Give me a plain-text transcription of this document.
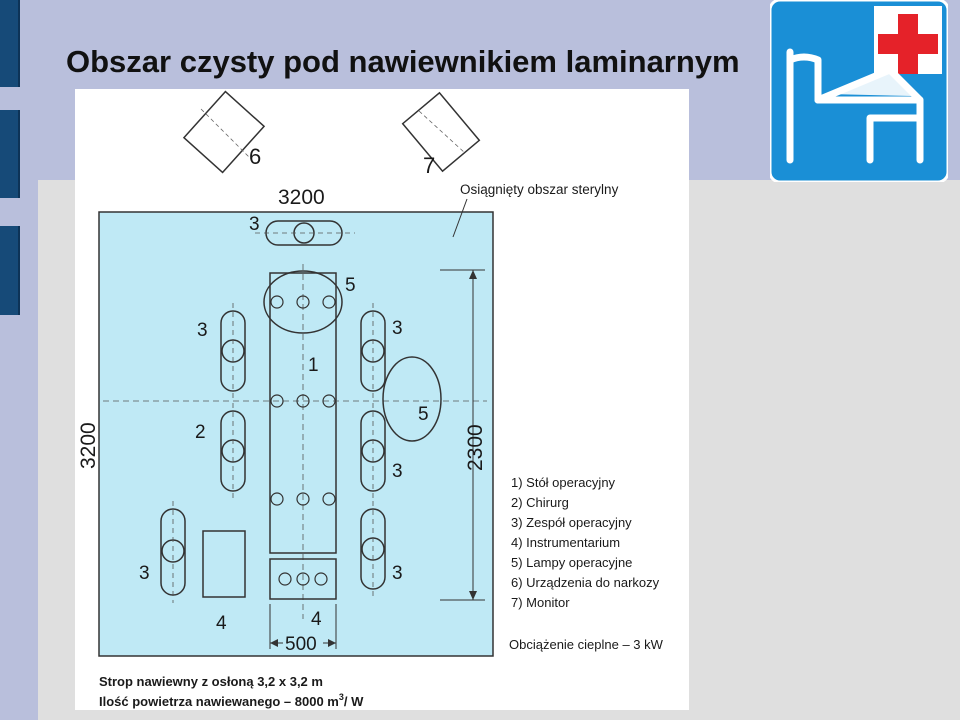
Obszar czysty pod nawiewnikiem laminarnym
Osiągnięty obszar sterylny
6	7
3200
3
1
5
5
3
2
3
3
3
3
4	4
500
2300
3200
1) Stół operacyjny
2) Chirurg
3) Zespół operacyjny
4) Instrumentarium
5) Lampy operacyjne
6) Urządzenia do narkozy
7) Monitor
Obciążenie cieplne – 3 kW
Strop nawiewny z osłoną 3,2 x 3,2 m
Ilość powietrza nawiewanego – 8000 $m^3/$ W
